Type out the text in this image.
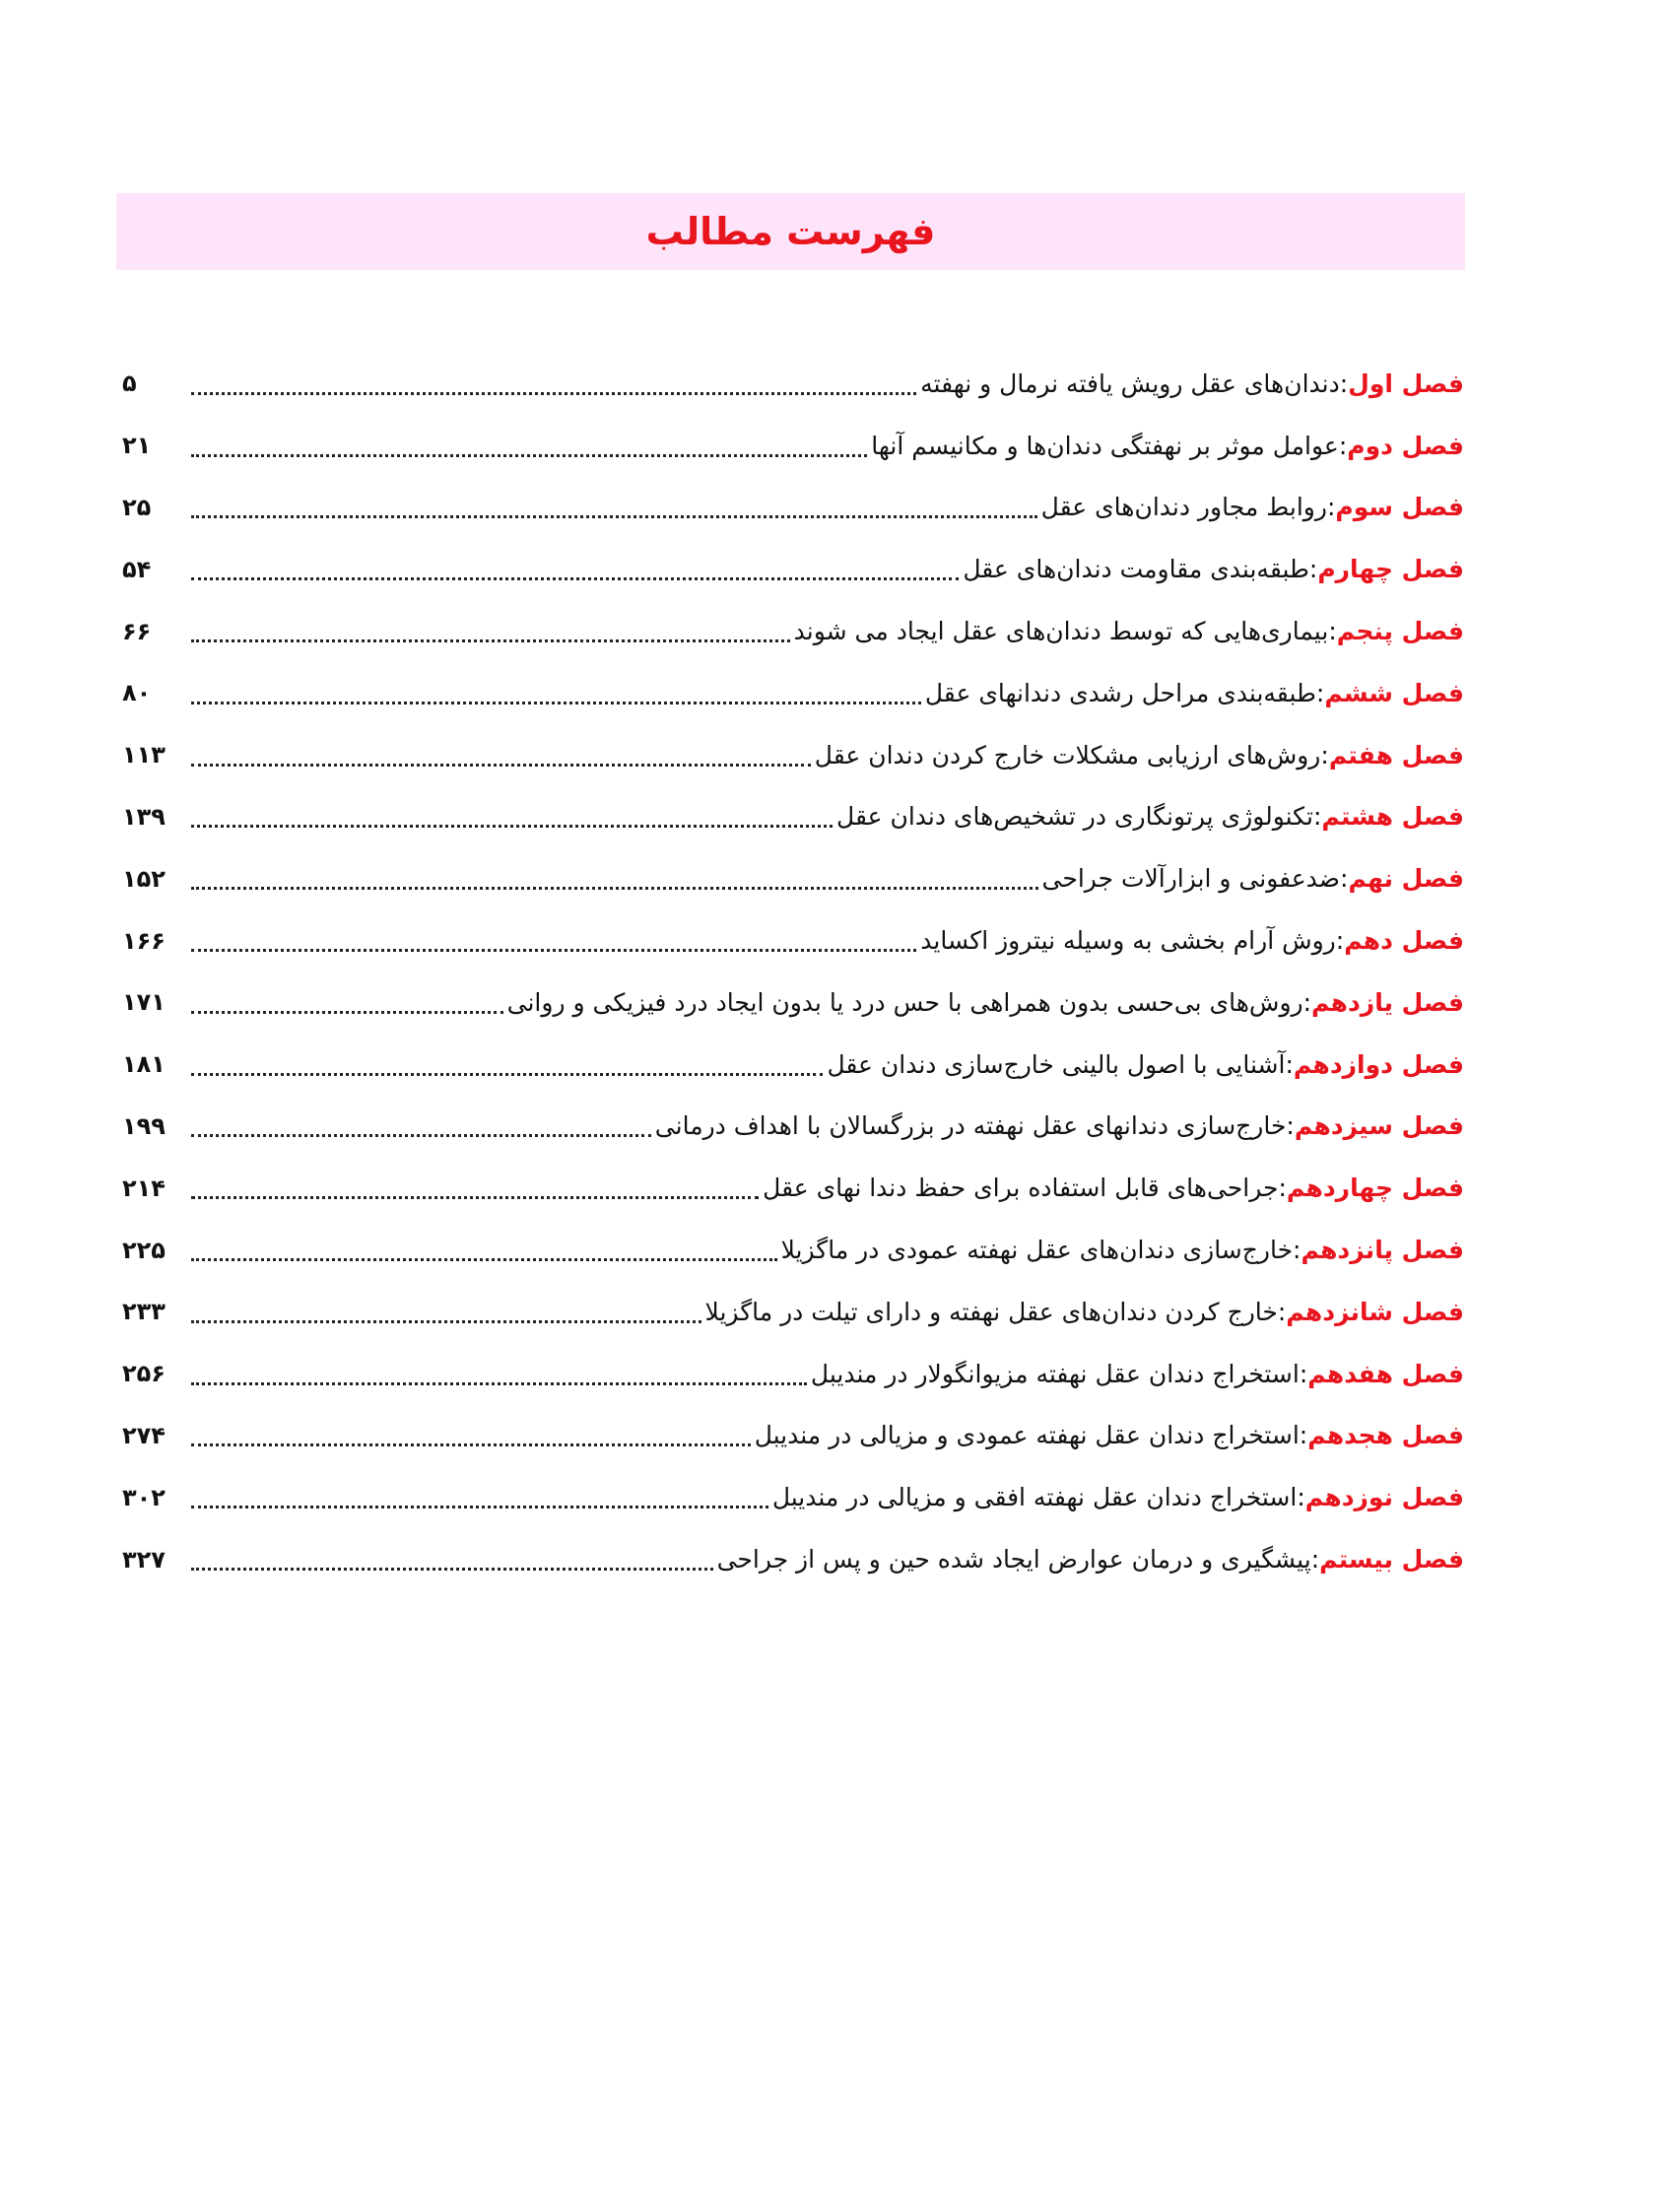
فهرست مطالب
فصل اول
:
دندان‌های عقل رویش یافته نرمال و نهفته
۵
فصل دوم
:
عوامل موثر بر نهفتگی دندان‌ها و مکانیسم آنها
۲۱
فصل سوم
:
روابط مجاور دندان‌های عقل
۲۵
فصل چهارم
:
طبقه‌بندی مقاومت دندان‌های عقل
۵۴
فصل پنجم
:
بیماری‌هایی که توسط دندان‌های عقل ایجاد می شوند
۶۶
فصل ششم
:
طبقه‌بندی مراحل رشدی دندانهای عقل
۸۰
فصل هفتم
:
روش‌های ارزیابی مشکلات خارج کردن دندان عقل
۱۱۳
فصل هشتم
:
تکنولوژی پرتونگاری در تشخیص‌های دندان عقل
۱۳۹
فصل نهم
:
ضدعفونی و ابزارآلات جراحی
۱۵۲
فصل دهم
:
روش آرام بخشی به وسیله نیتروز اکساید
۱۶۶
فصل یازدهم
:
روش‌های بی‌حسی بدون همراهی با حس درد یا بدون ایجاد درد فیزیکی و روانی
۱۷۱
فصل دوازدهم
:
آشنایی با اصول بالینی خارج‌سازی دندان عقل
۱۸۱
فصل سیزدهم
:
خارج‌سازی دندانهای عقل نهفته در بزرگسالان با اهداف درمانی
۱۹۹
فصل چهاردهم
:
جراحی‌های قابل استفاده برای حفظ دندا نهای عقل
۲۱۴
فصل پانزدهم
:
خارج‌سازی دندان‌های عقل نهفته عمودی در ماگزیلا
۲۲۵
فصل شانزدهم
:
خارج کردن دندان‌های عقل نهفته و دارای تیلت در ماگزیلا
۲۳۳
فصل هفدهم
:
استخراج دندان عقل نهفته مزیوانگولار در مندیبل
۲۵۶
فصل هجدهم
:
استخراج دندان عقل نهفته عمودی و مزیالی در مندیبل
۲۷۴
فصل نوزدهم
:
استخراج دندان عقل نهفته افقی و مزیالی در مندیبل
۳۰۲
فصل بیستم
:
پیشگیری و درمان عوارض ایجاد شده حین و پس از جراحی
۳۲۷
